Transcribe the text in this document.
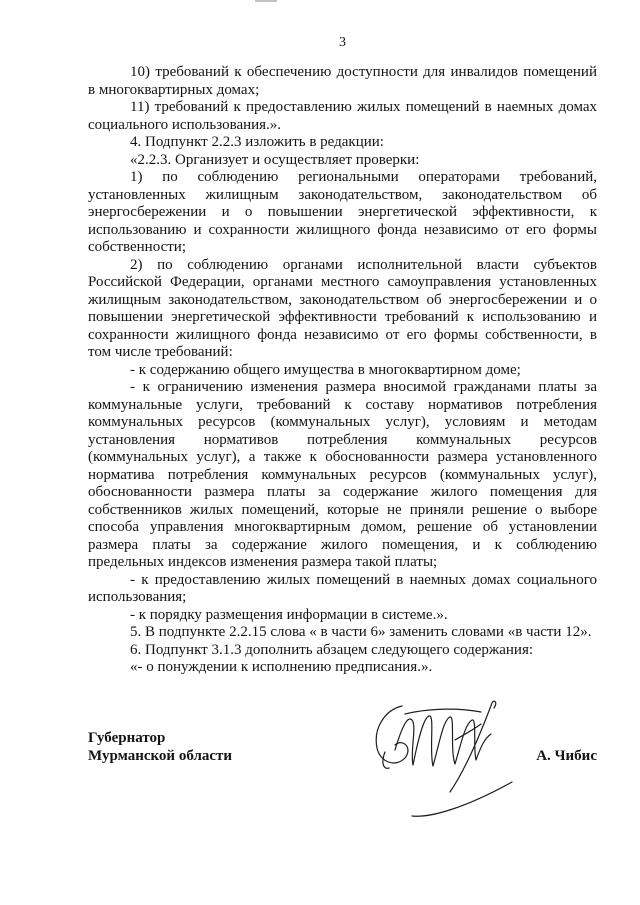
3
10) требований к обеспечению доступности для инвалидов помещений
в многоквартирных домах;
11) требований к предоставлению жилых помещений в наемных домах
социального использования.».
4. Подпункт 2.2.3 изложить в редакции:
«2.2.3. Организует и осуществляет проверки:
1) по соблюдению региональными операторами требований,
установленных жилищным законодательством, законодательством об
энергосбережении и о повышении энергетической эффективности, к
использованию и сохранности жилищного фонда независимо от его формы
собственности;
2) по соблюдению органами исполнительной власти субъектов
Российской Федерации, органами местного самоуправления установленных
жилищным законодательством, законодательством об энергосбережении и о
повышении энергетической эффективности требований к использованию и
сохранности жилищного фонда независимо от его формы собственности, в
том числе требований:
- к содержанию общего имущества в многоквартирном доме;
- к ограничению изменения размера вносимой гражданами платы за
коммунальные услуги, требований к составу нормативов потребления
коммунальных ресурсов (коммунальных услуг), условиям и методам
установления нормативов потребления коммунальных ресурсов
(коммунальных услуг), а также к обоснованности размера установленного
норматива потребления коммунальных ресурсов (коммунальных услуг),
обоснованности размера платы за содержание жилого помещения для
собственников жилых помещений, которые не приняли решение о выборе
способа управления многоквартирным домом, решение об установлении
размера платы за содержание жилого помещения, и к соблюдению
предельных индексов изменения размера такой платы;
- к предоставлению жилых помещений в наемных домах социального
использования;
- к порядку размещения информации в системе.».
5. В подпункте 2.2.15 слова « в части 6» заменить словами «в части 12».
6. Подпункт 3.1.3 дополнить абзацем следующего содержания:
«- о понуждении к исполнению предписания.».
Губернатор
Мурманской области	А. Чибис
